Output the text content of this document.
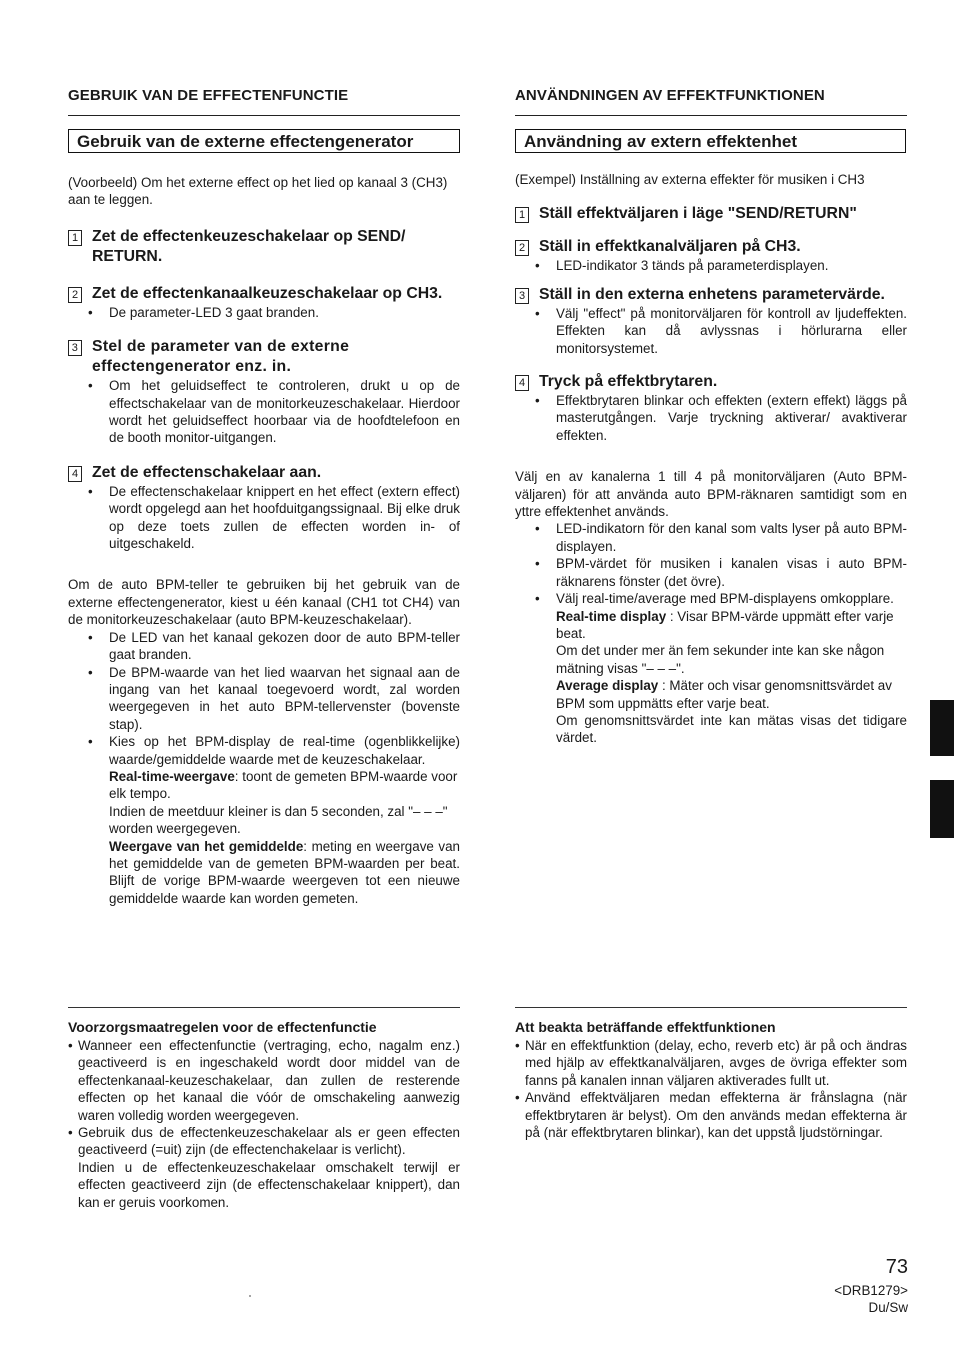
GEBRUIK VAN DE EFFECTENFUNCTIE
Gebruik van de externe effectengenerator

(Voorbeeld) Om het externe effect op het lied op kanaal 3 (CH3) aan te leggen.

1 Zet de effectenkeuzeschakelaar op SEND/ RETURN.
2 Zet de effectenkanaalkeuzeschakelaar op CH3.
• De parameter-LED 3 gaat branden.
3 Stel de parameter van de externe effectengenerator enz. in.
• Om het geluidseffect te controleren, drukt u op de effectschakelaar van de monitorkeuzeschakelaar. Hierdoor wordt het geluidseffect hoorbaar via de hoofdtelefoon en de booth monitor-uitgangen.
4 Zet de effectenschakelaar aan.
• De effectenschakelaar knippert en het effect (extern effect) wordt opgelegd aan het hoofduitgangssignaal. Bij elke druk op deze toets zullen de effecten worden in- of uitgeschakeld.

Om de auto BPM-teller te gebruiken bij het gebruik van de externe effectengenerator, kiest u één kanaal (CH1 tot CH4) van de monitorkeuzeschakelaar (auto BPM-keuzeschakelaar).

• De LED van het kanaal gekozen door de auto BPM-teller gaat branden.
• De BPM-waarde van het lied waarvan het signaal aan de ingang van het kanaal toegevoerd wordt, zal worden weergegeven in het auto BPM-tellervenster (bovenste stap).
• Kies op het BPM-display de real-time (ogenblikkelijke) waarde/gemiddelde waarde met de keuzeschakelaar.

Real-time-weergave: toont de gemeten BPM-waarde voor elk tempo.

Indien de meetduur kleiner is dan 5 seconden, zal "– – –" worden weergegeven.

Weergave van het gemiddelde: meting en weergave van het gemiddelde van de gemeten BPM-waarden per beat. Blijft de vorige BPM-waarde weergeven tot een nieuwe gemiddelde waarde kan worden gemeten.

ANVÄNDNINGEN AV EFFEKTFUNKTIONEN
Användning av extern effektenhet

(Exempel) Inställning av externa effekter för musiken i CH3

1 Ställ effektväljaren i läge "SEND/RETURN"
2 Ställ in effektkanalväljaren på CH3.
• LED-indikator 3 tänds på parameterdisplayen.
3 Ställ in den externa enhetens parametervärde.
• Välj "effect" på monitorväljaren för kontroll av ljudeffekten. Effekten kan då avlyssnas i hörlurarna eller monitorsystemet.
4 Tryck på effektbrytaren.
• Effektbrytaren blinkar och effekten (extern effekt) läggs på masterutgången. Varje tryckning aktiverar/ avaktiverar effekten.

Välj en av kanalerna 1 till 4 på monitorväljaren (Auto BPM-väljaren) för att använda auto BPM-räknaren samtidigt som en yttre effektenhet används.

• LED-indikatorn för den kanal som valts lyser på auto BPM-displayen.
• BPM-värdet för musiken i kanalen visas i auto BPM-räknarens fönster (det övre).
• Välj real-time/average med BPM-displayens omkopplare.

Real-time display : Visar BPM-värde uppmätt efter varje beat.

Om det under mer än fem sekunder inte kan ske någon mätning visas "– – –".

Average display : Mäter och visar genomsnittsvärdet av BPM som uppmätts efter varje beat.

Om genomsnittsvärdet inte kan mätas visas det tidigare värdet.

Voorzorgsmaatregelen voor de effectenfunctie
• Wanneer een effectenfunctie (vertraging, echo, nagalm enz.) geactiveerd is en ingeschakeld wordt door middel van de effectenkanaal-keuzeschakelaar, dan zullen de resterende effecten op het kanaal die vóór de omschakeling aanwezig waren volledig worden weergegeven.
• Gebruik dus de effectenkeuzeschakelaar als er geen effecten geactiveerd (=uit) zijn (de effectenchakelaar is verlicht).

Indien u de effectenkeuzeschakelaar omschakelt terwijl er effecten geactiveerd zijn (de effectenschakelaar knippert), dan kan er geruis voorkomen.

Att beakta beträffande effektfunktionen
• När en effektfunktion (delay, echo, reverb etc) är på och ändras med hjälp av effektkanalväljaren, avges de övriga effekter som fanns på kanalen innan väljaren aktiverades fullt ut.
• Använd effektväljaren medan effekterna är frånslagna (när effektbrytaren är belyst). Om den används medan effekterna är på (när effektbrytaren blinkar), kan det uppstå ljudstörningar.
73
<DRB1279>
Du/Sw
